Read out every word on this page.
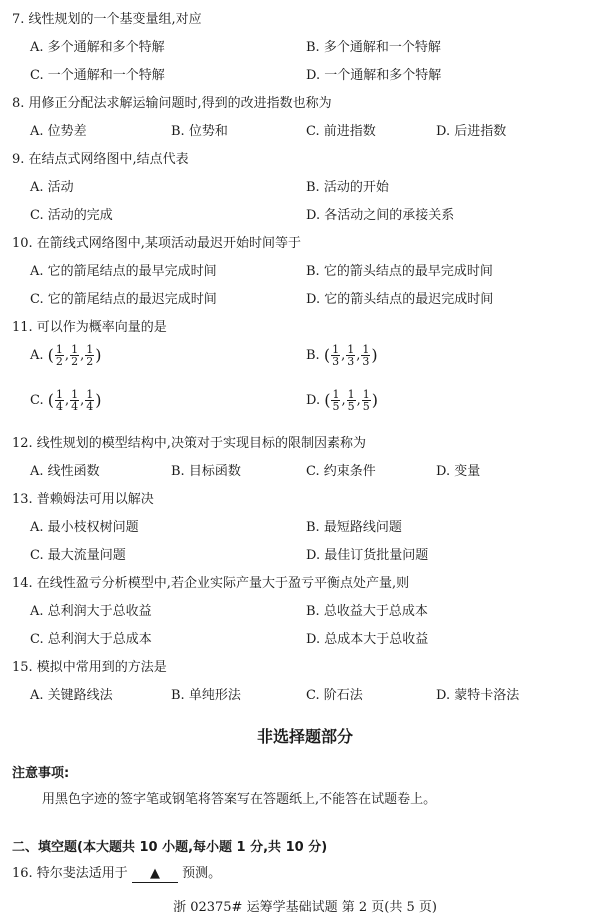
7. 线性规划的一个基变量组,对应
A. 多个通解和多个特解	B. 多个通解和一个特解
C. 一个通解和一个特解	D. 一个通解和多个特解
8. 用修正分配法求解运输问题时,得到的改进指数也称为
A. 位势差	B. 位势和	C. 前进指数	D. 后进指数
9. 在结点式网络图中,结点代表
A. 活动	B. 活动的开始
C. 活动的完成	D. 各活动之间的承接关系
10. 在箭线式网络图中,某项活动最迟开始时间等于
A. 它的箭尾结点的最早完成时间	B. 它的箭头结点的最早完成时间
C. 它的箭尾结点的最迟完成时间	D. 它的箭头结点的最迟完成时间
11. 可以作为概率向量的是
A. ( $\frac{1}{2}$ , $\frac{1}{2}$ , $\frac{1}{2}$ )	B. ( $\frac{1}{3}$ , $\frac{1}{3}$ , $\frac{1}{3}$ )
C. ( $\frac{1}{4}$ , $\frac{1}{4}$ , $\frac{1}{4}$ )	D. ( $\frac{1}{5}$ , $\frac{1}{5}$ , $\frac{1}{5}$ )
12. 线性规划的模型结构中,决策对于实现目标的限制因素称为
A. 线性函数	B. 目标函数	C. 约束条件	D. 变量
13. 普赖姆法可用以解决
A. 最小枝权树问题	B. 最短路线问题
C. 最大流量问题	D. 最佳订货批量问题
14. 在线性盈亏分析模型中,若企业实际产量大于盈亏平衡点处产量,则
A. 总利润大于总收益	B. 总收益大于总成本
C. 总利润大于总成本	D. 总成本大于总收益
15. 模拟中常用到的方法是
A. 关键路线法	B. 单纯形法	C. 阶石法	D. 蒙特卡洛法
非选择题部分
注意事项:
用黑色字迹的签字笔或钢笔将答案写在答题纸上,不能答在试题卷上。
二、填空题(本大题共 10 小题,每小题 1 分,共 10 分)
16. 特尔斐法适用于 ▲ 预测。
浙 02375# 运筹学基础试题 第 2 页(共 5 页)
